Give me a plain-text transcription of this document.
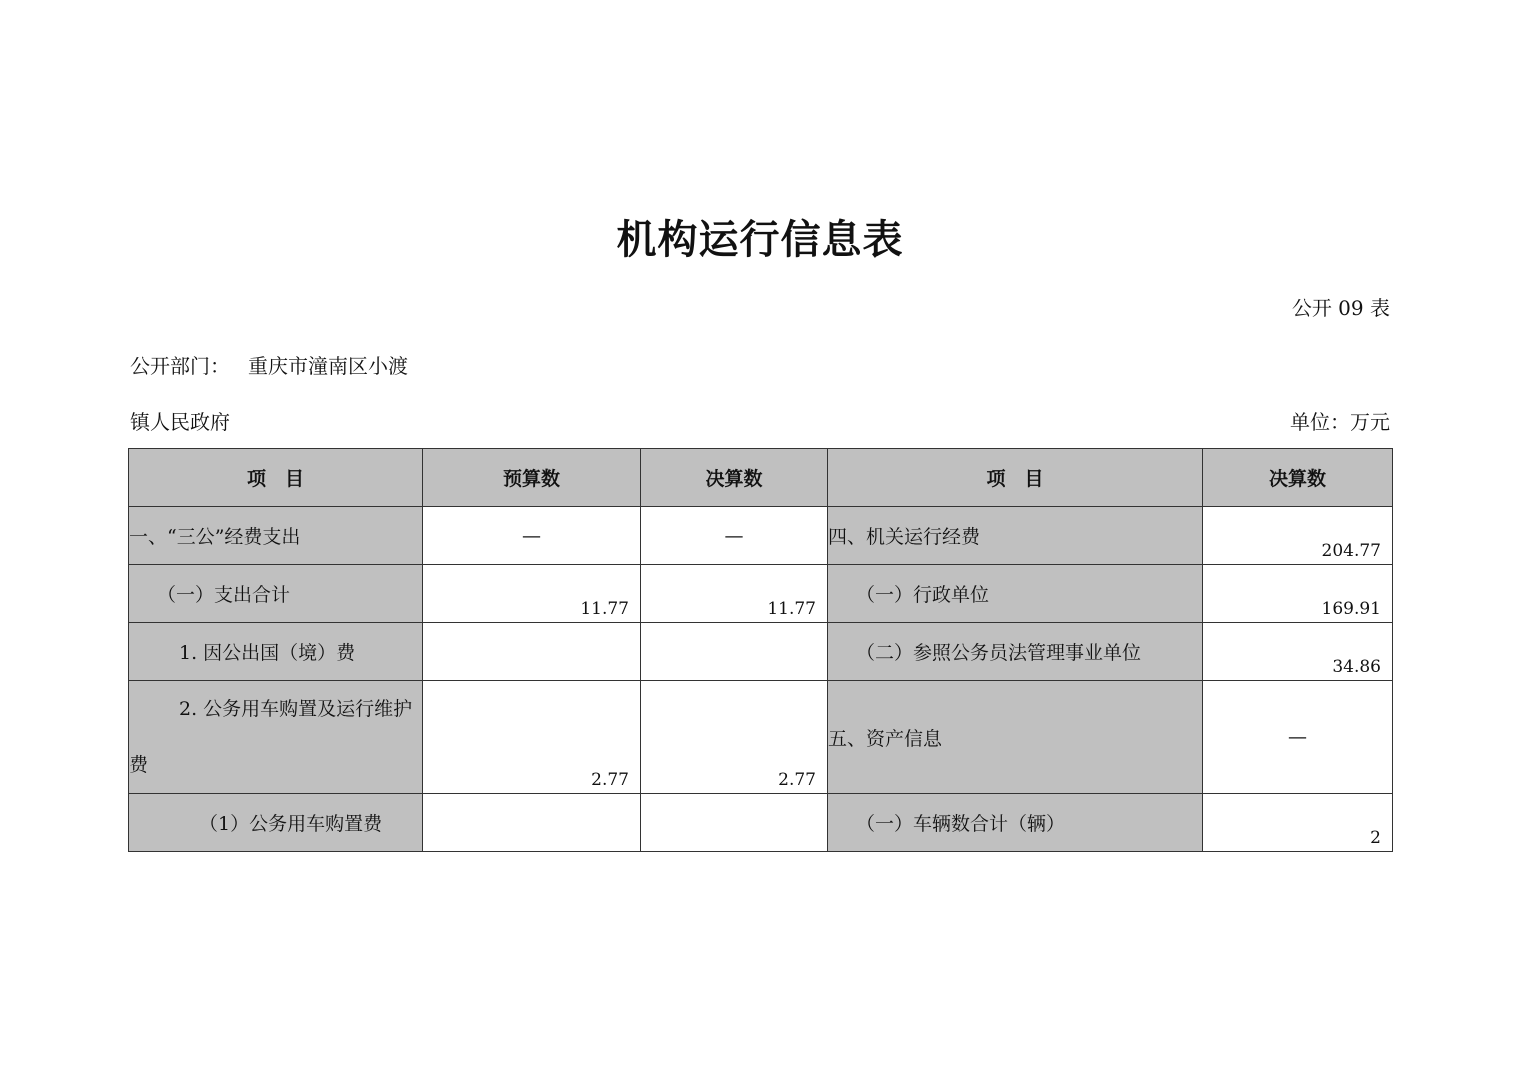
机构运行信息表
公开 09 表
公开部门： 重庆市潼南区小渡
镇人民政府	单位：万元
项　目	预算数	决算数	项　目	决算数
一、“三公”经费支出	—	—	四、机关运行经费	204.77

（一）支出合计	11.77	11.77	（一）行政单位	169.91

1. 因公出国（境）费			（二）参照公务员法管理事业单位	34.86

2. 公务用车购置及运行维护
费	2.77	2.77	五、资产信息	—
（1）公务用车购置费			（一）车辆数合计（辆）	2
